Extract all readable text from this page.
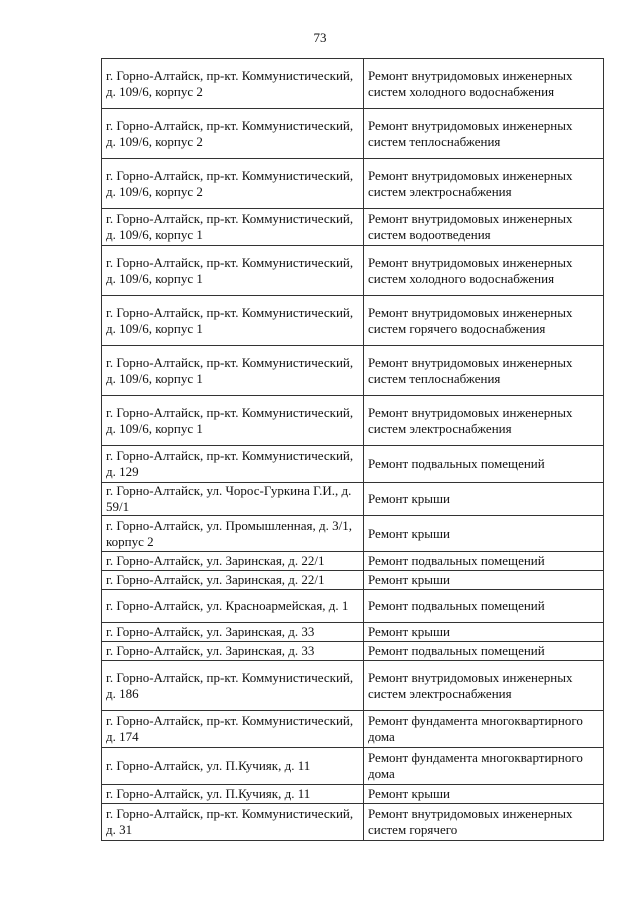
73
г. Горно-Алтайск, пр-кт. Коммунистический, д. 109/6, корпус 2	Ремонт внутридомовых инженерных систем холодного водоснабжения
г. Горно-Алтайск, пр-кт. Коммунистический, д. 109/6, корпус 2	Ремонт внутридомовых инженерных систем теплоснабжения
г. Горно-Алтайск, пр-кт. Коммунистический, д. 109/6, корпус 2	Ремонт внутридомовых инженерных систем электроснабжения
г. Горно-Алтайск, пр-кт. Коммунистический, д. 109/6, корпус 1	Ремонт внутридомовых инженерных систем водоотведения
г. Горно-Алтайск, пр-кт. Коммунистический, д. 109/6, корпус 1	Ремонт внутридомовых инженерных систем холодного водоснабжения
г. Горно-Алтайск, пр-кт. Коммунистический, д. 109/6, корпус 1	Ремонт внутридомовых инженерных систем горячего водоснабжения
г. Горно-Алтайск, пр-кт. Коммунистический, д. 109/6, корпус 1	Ремонт внутридомовых инженерных систем теплоснабжения
г. Горно-Алтайск, пр-кт. Коммунистический, д. 109/6, корпус 1	Ремонт внутридомовых инженерных систем электроснабжения
г. Горно-Алтайск, пр-кт. Коммунистический, д. 129	Ремонт подвальных помещений
г. Горно-Алтайск, ул. Чорос-Гуркина Г.И., д. 59/1	Ремонт крыши
г. Горно-Алтайск, ул. Промышленная, д. 3/1, корпус 2	Ремонт крыши
г. Горно-Алтайск, ул. Заринская, д. 22/1	Ремонт подвальных помещений
г. Горно-Алтайск, ул. Заринская, д. 22/1	Ремонт крыши
г. Горно-Алтайск, ул. Красноармейская, д. 1	Ремонт подвальных помещений
г. Горно-Алтайск, ул. Заринская, д. 33	Ремонт крыши
г. Горно-Алтайск, ул. Заринская, д. 33	Ремонт подвальных помещений
г. Горно-Алтайск, пр-кт. Коммунистический, д. 186	Ремонт внутридомовых инженерных систем электроснабжения
г. Горно-Алтайск, пр-кт. Коммунистический, д. 174	Ремонт фундамента многоквартирного дома
г. Горно-Алтайск, ул. П.Кучияк, д. 11	Ремонт фундамента многоквартирного дома
г. Горно-Алтайск, ул. П.Кучияк, д. 11	Ремонт крыши
г. Горно-Алтайск, пр-кт. Коммунистический, д. 31	Ремонт внутридомовых инженерных систем горячего
